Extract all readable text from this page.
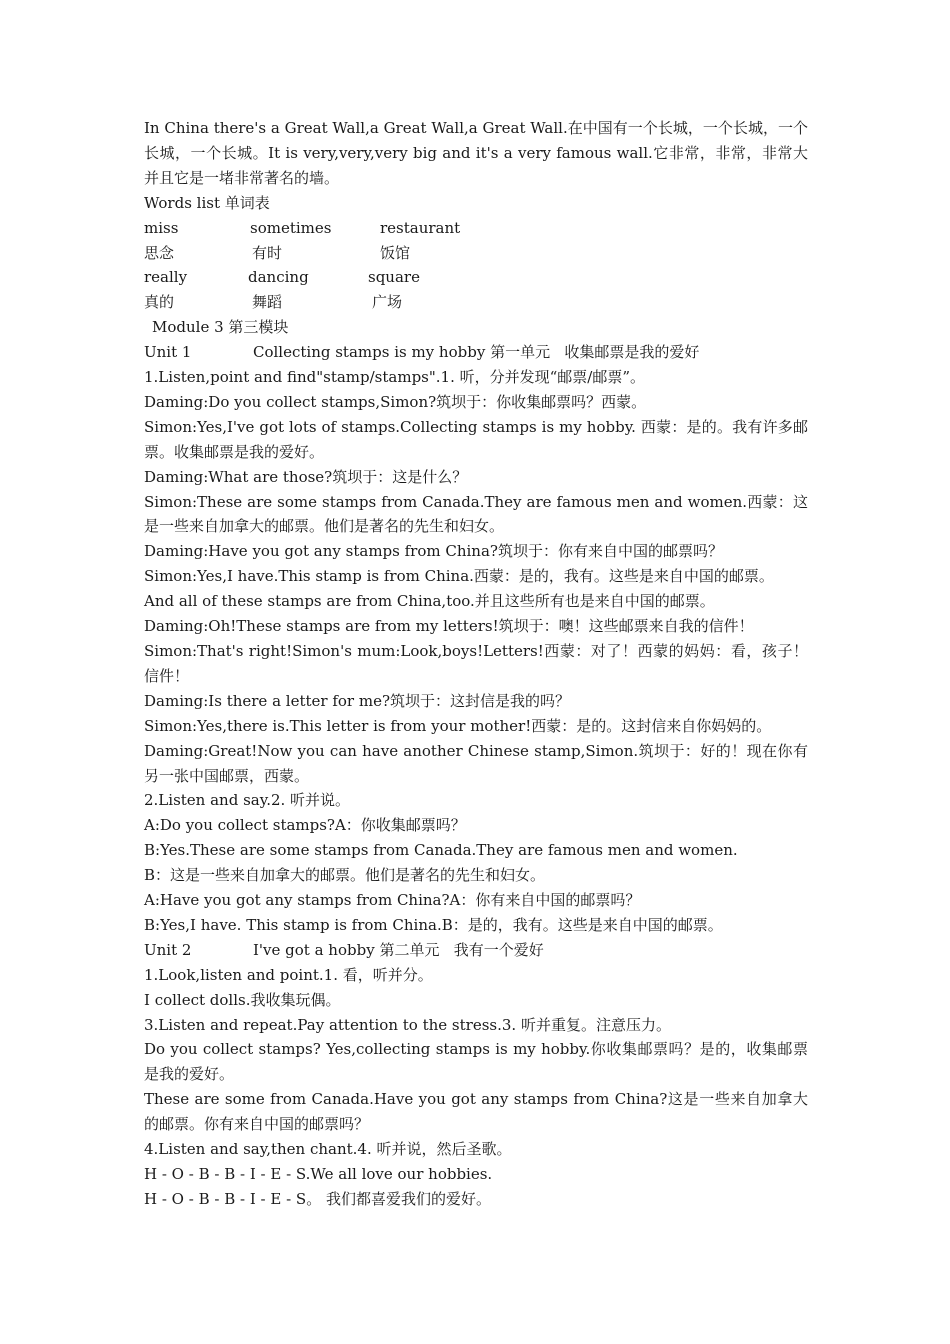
In China there's a Great Wall,a Great Wall,a Great Wall.在中国有一个长城，一个长城，一个长城，一个长城。It is very,very,very big and it's a very famous wall.它非常，非常，非常大并且它是一堵非常著名的墙。

Words list 单词表

miss	sometimes	restaurant
思念	有时	饭馆
really	dancing	square
真的	舞蹈	广场

Module 3 第三模块

Unit 1	Collecting stamps is my hobby 第一单元   收集邮票是我的爱好

1.Listen,point and find"stamp/stamps".1. 听，分并发现“邮票/邮票”。

Daming:Do you collect stamps,Simon?筑坝于：你收集邮票吗？西蒙。

Simon:Yes,I've got lots of stamps.Collecting stamps is my hobby. 西蒙：是的。我有许多邮票。收集邮票是我的爱好。

Daming:What are those?筑坝于：这是什么？

Simon:These are some stamps from Canada.They are famous men and women.西蒙：这是一些来自加拿大的邮票。他们是著名的先生和妇女。

Daming:Have you got any stamps from China?筑坝于：你有来自中国的邮票吗？

Simon:Yes,I have.This stamp is from China.西蒙：是的，我有。这些是来自中国的邮票。

And all of these stamps are from China,too.并且这些所有也是来自中国的邮票。

Daming:Oh!These stamps are from my letters!筑坝于：噢！这些邮票来自我的信件！

Simon:That's right!Simon's mum:Look,boys!Letters!西蒙：对了！西蒙的妈妈：看，孩子！信件！

Daming:Is there a letter for me?筑坝于：这封信是我的吗？

Simon:Yes,there is.This letter is from your mother!西蒙：是的。这封信来自你妈妈的。

Daming:Great!Now you can have another Chinese stamp,Simon.筑坝于：好的！现在你有另一张中国邮票，西蒙。

2.Listen and say.2. 听并说。

A:Do you collect stamps?A：你收集邮票吗？

B:Yes.These are some stamps from Canada.They are famous men and women.

B：这是一些来自加拿大的邮票。他们是著名的先生和妇女。

A:Have you got any stamps from China?A：你有来自中国的邮票吗？

B:Yes,I have. This stamp is from China.B：是的，我有。这些是来自中国的邮票。

Unit 2	I've got a hobby 第二单元   我有一个爱好

1.Look,listen and point.1. 看，听并分。

I collect dolls.我收集玩偶。

3.Listen and repeat.Pay attention to the stress.3. 听并重复。注意压力。

Do you collect stamps? Yes,collecting stamps is my hobby.你收集邮票吗？是的，收集邮票是我的爱好。

These are some from Canada.Have you got any stamps from China?这是一些来自加拿大的邮票。你有来自中国的邮票吗？

4.Listen and say,then chant.4. 听并说，然后圣歌。

H - O - B - B - I - E - S.We all love our hobbies.

H - O - B - B - I - E - S。 我们都喜爱我们的爱好。
